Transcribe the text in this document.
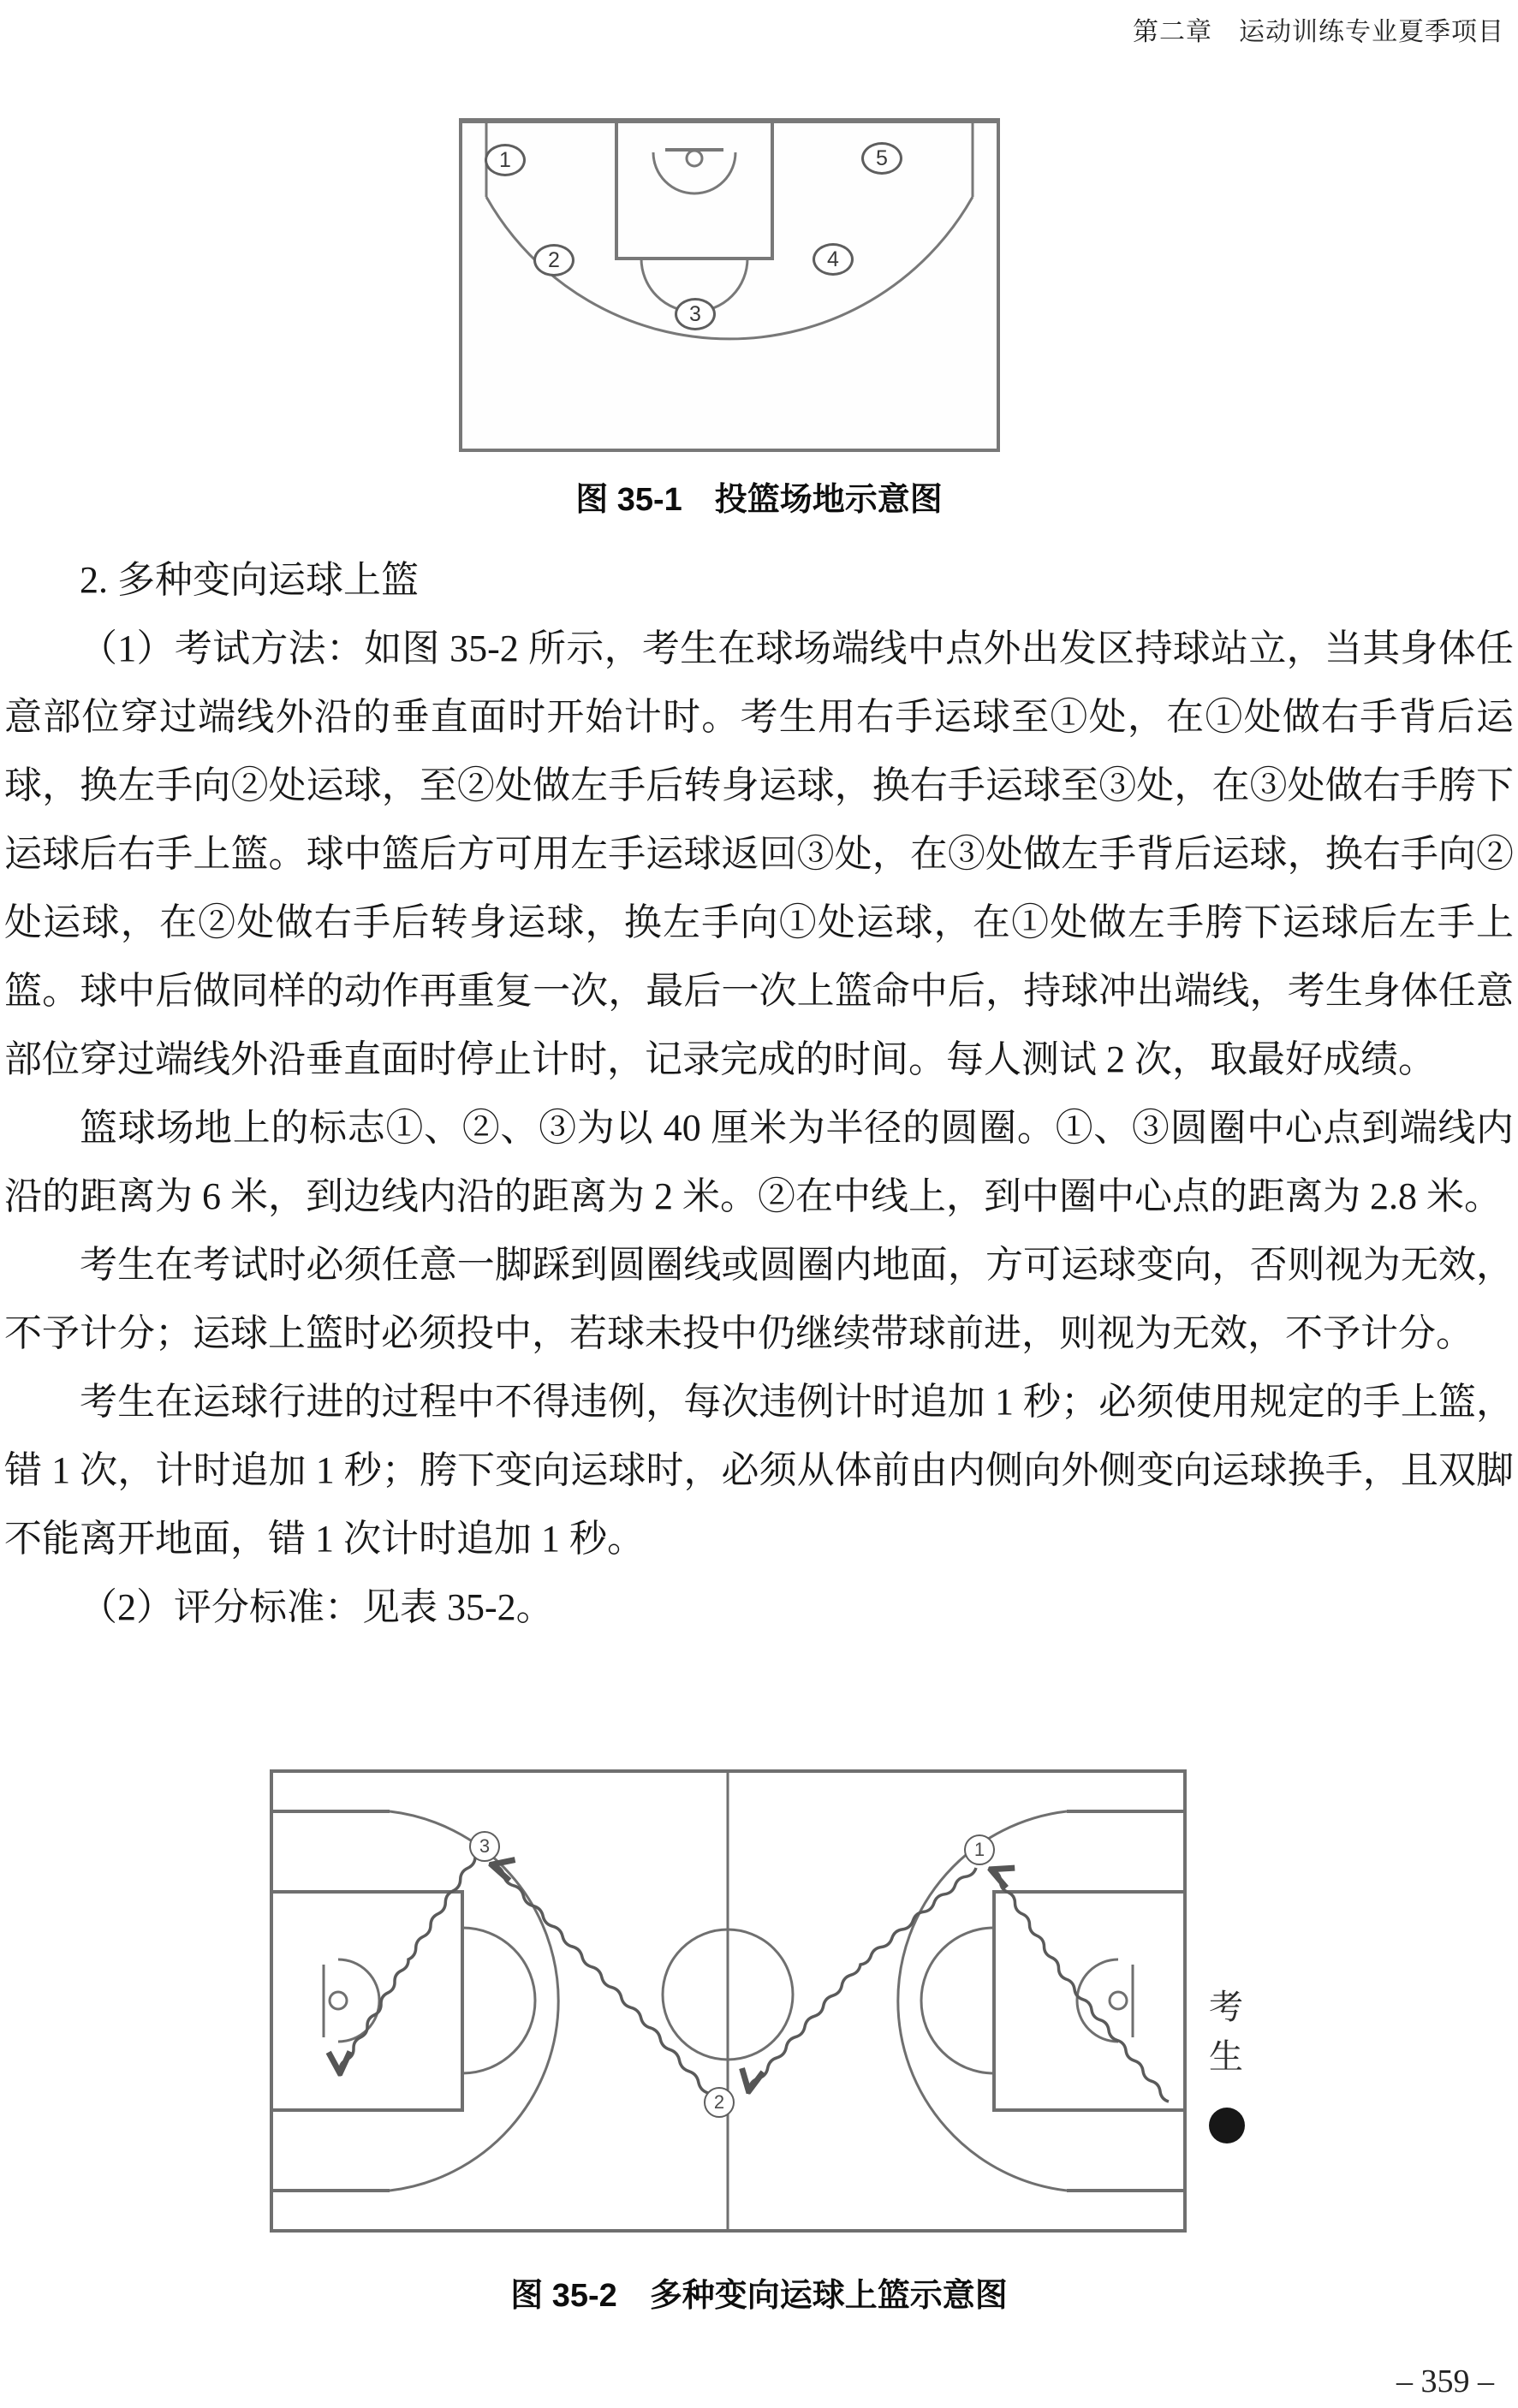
第二章　运动训练专业夏季项目
1
2
3
4
5
图 35-1　投篮场地示意图

2. 多种变向运球上篮

（1）考试方法：如图 35-2 所示，考生在球场端线中点外出发区持球站立，当其身体任意部位穿过端线外沿的垂直面时开始计时。考生用右手运球至①处，在①处做右手背后运球，换左手向②处运球，至②处做左手后转身运球，换右手运球至③处，在③处做右手胯下运球后右手上篮。球中篮后方可用左手运球返回③处，在③处做左手背后运球，换右手向②处运球，在②处做右手后转身运球，换左手向①处运球，在①处做左手胯下运球后左手上篮。球中后做同样的动作再重复一次，最后一次上篮命中后，持球冲出端线，考生身体任意部位穿过端线外沿垂直面时停止计时，记录完成的时间。每人测试 2 次，取最好成绩。

篮球场地上的标志①、②、③为以 40 厘米为半径的圆圈。①、③圆圈中心点到端线内沿的距离为 6 米，到边线内沿的距离为 2 米。②在中线上，到中圈中心点的距离为 2.8 米。

考生在考试时必须任意一脚踩到圆圈线或圆圈内地面，方可运球变向，否则视为无效，不予计分；运球上篮时必须投中，若球未投中仍继续带球前进，则视为无效，不予计分。

考生在运球行进的过程中不得违例，每次违例计时追加 1 秒；必须使用规定的手上篮，错 1 次，计时追加 1 秒；胯下变向运球时，必须从体前由内侧向外侧变向运球换手，且双脚不能离开地面，错 1 次计时追加 1 秒。

（2）评分标准：见表 35-2。

3	1
2
考生
图 35-2　多种变向运球上篮示意图
– 359 –
